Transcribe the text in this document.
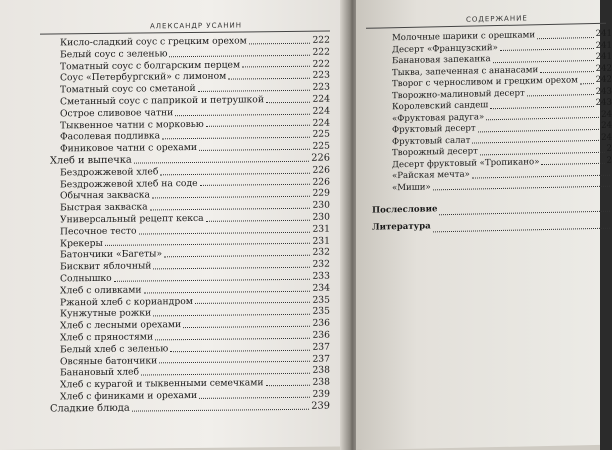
АЛЕКСАНДР УСАНИН
Кисло-сладкий соус с грецким орехом	222
Белый соус с зеленью	222
Томатный соус с болгарским перцем	222
Соус «Петербургский» с лимоном	223
Томатный соус со сметаной	223
Сметанный соус с паприкой и петрушкой	224
Острое сливовое чатни	224
Тыквенное чатни с морковью	224
Фасолевая подливка	225
Финиковое чатни с орехами	225
Хлеб и выпечка	226
Бездрожжевой хлеб	226
Бездрожжевой хлеб на соде	226
Обычная закваска	229
Быстрая закваска	230
Универсальный рецепт кекса	230
Песочное тесто	231
Крекеры	231
Батончики «Багеты»	232
Бисквит яблочный	232
Солнышко	233
Хлеб с оливками	234
Ржаной хлеб с кориандром	235
Кунжутные рожки	235
Хлеб с лесными орехами	236
Хлеб с пряностями	236
Белый хлеб с зеленью	237
Овсяные батончики	237
Банановый хлеб	238
Хлеб с курагой и тыквенными семечками	238
Хлеб с финиками и орехами	239
Сладкие блюда	239
СОДЕРЖАНИЕ
Молочные шарики с орешками	241
Десерт «Французский»	241
Банановая запеканка	241
Тыква, запеченная с ананасами	242
Творог с черносливом и грецким орехом 242
Творожно-малиновый десерт	243
Королевский сандеш	243
«Фруктовая радуга»	24
Фруктовый десерт	24
Фруктовый салат	24
Творожный десерт	2
Десерт фруктовый «Тропикано»	2
«Райская мечта»
«Миши»
Послесловие
Литература
